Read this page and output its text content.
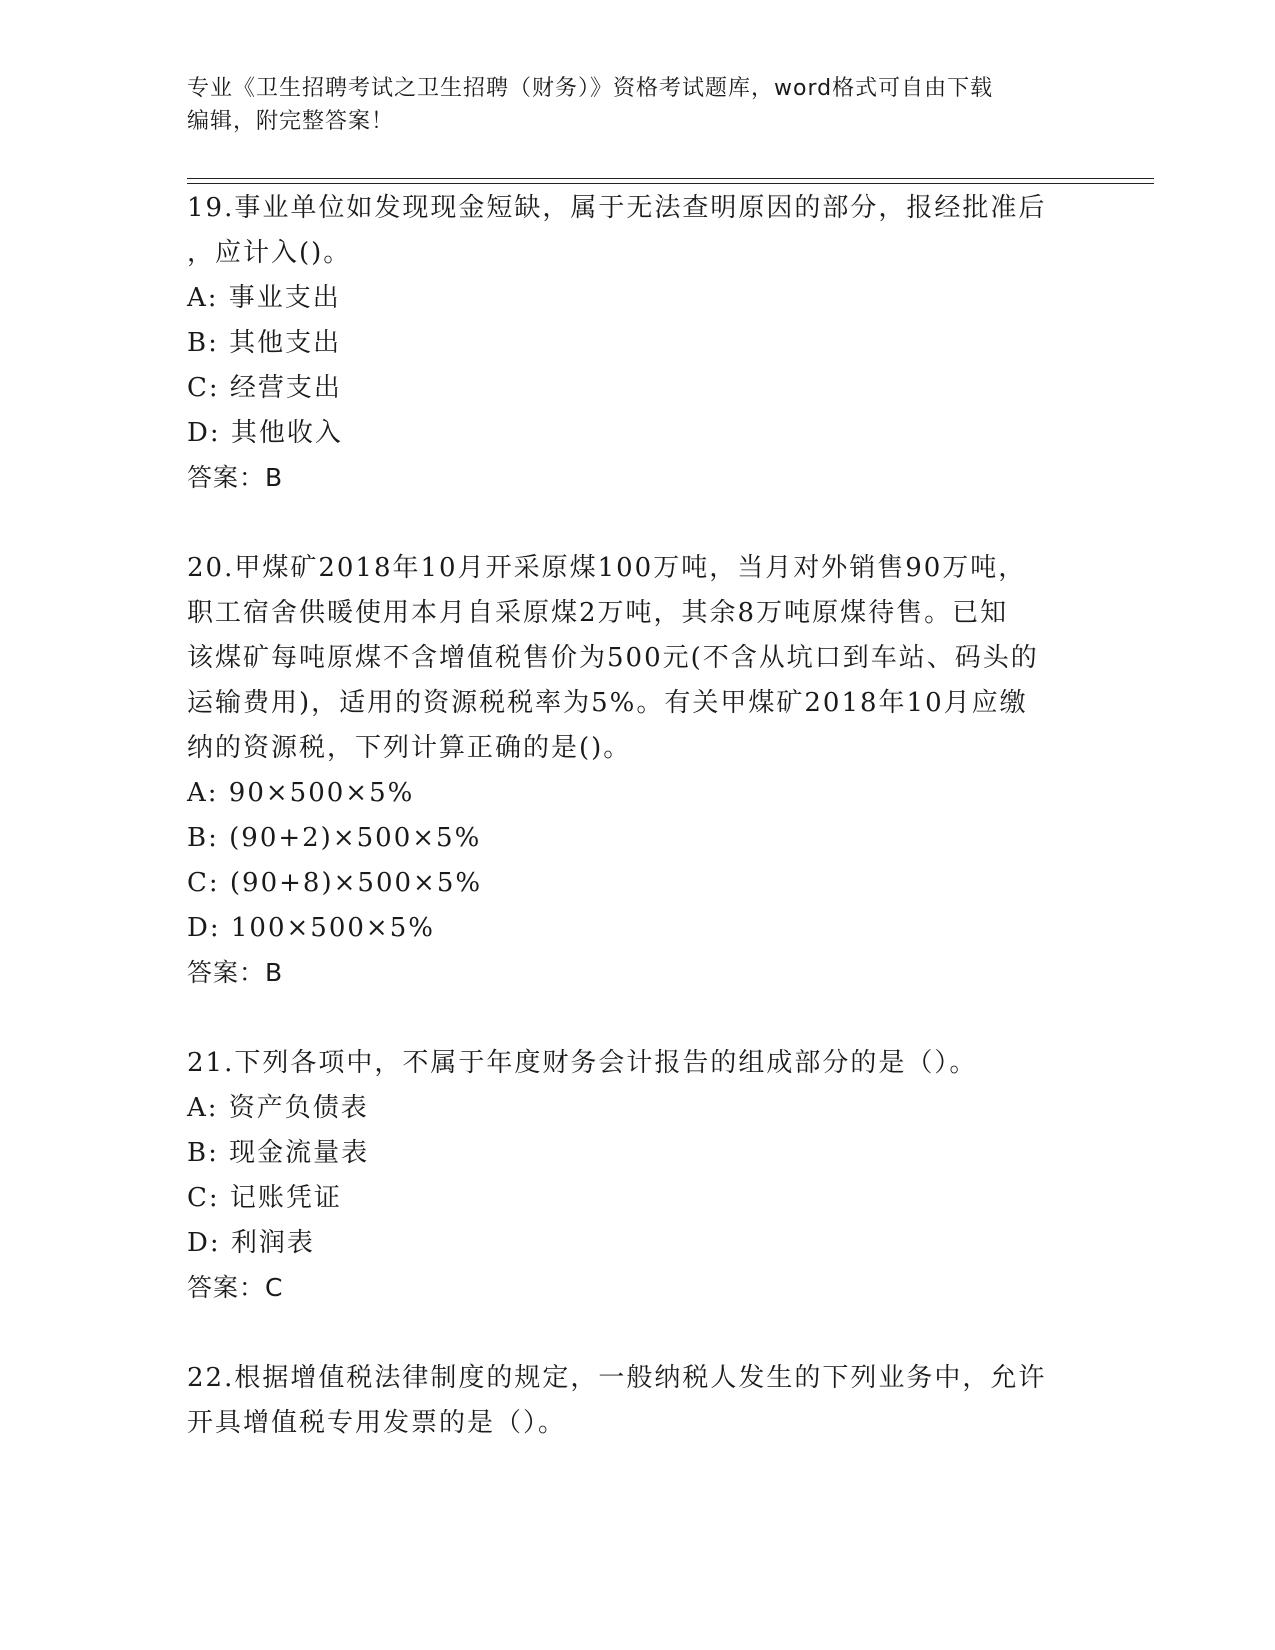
专业《卫生招聘考试之卫生招聘（财务）》资格考试题库，word格式可自由下载
编辑，附完整答案！
19.事业单位如发现现金短缺，属于无法查明原因的部分，报经批准后
，应计入()。
A: 事业支出
B: 其他支出
C: 经营支出
D: 其他收入
答案：B
20.甲煤矿2018年10月开采原煤100万吨，当月对外销售90万吨，
职工宿舍供暖使用本月自采原煤2万吨，其余8万吨原煤待售。已知
该煤矿每吨原煤不含增值税售价为500元(不含从坑口到车站、码头的
运输费用)，适用的资源税税率为5%。有关甲煤矿2018年10月应缴
纳的资源税，下列计算正确的是()。
A: 90×500×5%
B: (90+2)×500×5%
C: (90+8)×500×5%
D: 100×500×5%
答案：B
21.下列各项中，不属于年度财务会计报告的组成部分的是（）。
A: 资产负债表
B: 现金流量表
C: 记账凭证
D: 利润表
答案：C
22.根据增值税法律制度的规定，一般纳税人发生的下列业务中，允许
开具增值税专用发票的是（）。
